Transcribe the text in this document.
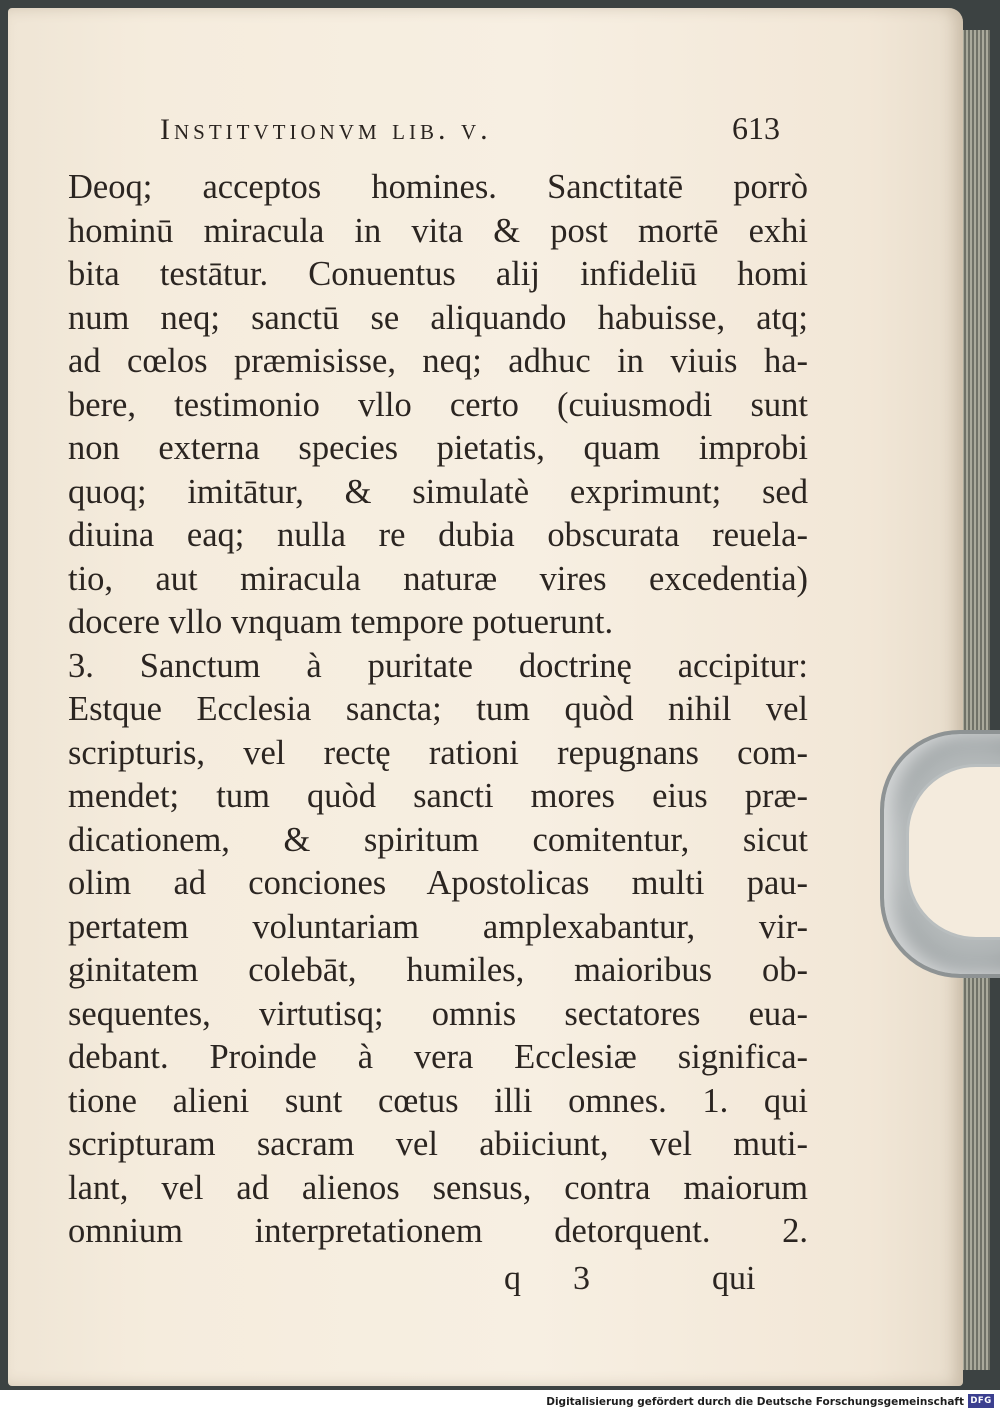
Institvtionvm lib. v.	613
Deoq; acceptos homines. Sanctitatē porrò
hominū miracula in vita & post mortē exhi
bita testātur. Conuentus alij infideliū homi
num neq; sanctū se aliquando habuisse, atq;
ad cœlos præmisisse, neq; adhuc in viuis ha-
bere, testimonio vllo certo (cuiusmodi sunt
non externa species pietatis, quam improbi
quoq; imitātur, & simulatè exprimunt; sed
diuina eaq; nulla re dubia obscurata reuela-
tio, aut miracula naturæ vires excedentia)
docere vllo vnquam tempore potuerunt.
3. Sanctum à puritate doctrinę accipitur:
Estque Ecclesia sancta; tum quòd nihil vel
scripturis, vel rectę rationi repugnans com-
mendet; tum quòd sancti mores eius præ-
dicationem, & spiritum comitentur, sicut
olim ad conciones Apostolicas multi pau-
pertatem voluntariam amplexabantur, vir-
ginitatem colebāt, humiles, maioribus ob-
sequentes, virtutisq; omnis sectatores eua-
debant. Proinde à vera Ecclesiæ significa-
tione alieni sunt cœtus illi omnes. 1. qui
scripturam sacram vel abiiciunt, vel muti-
lant, vel ad alienos sensus, contra maiorum
omnium interpretationem detorquent. 2.
q 3	qui
Digitalisierung gefördert durch die Deutsche Forschungsgemeinschaft DFG
